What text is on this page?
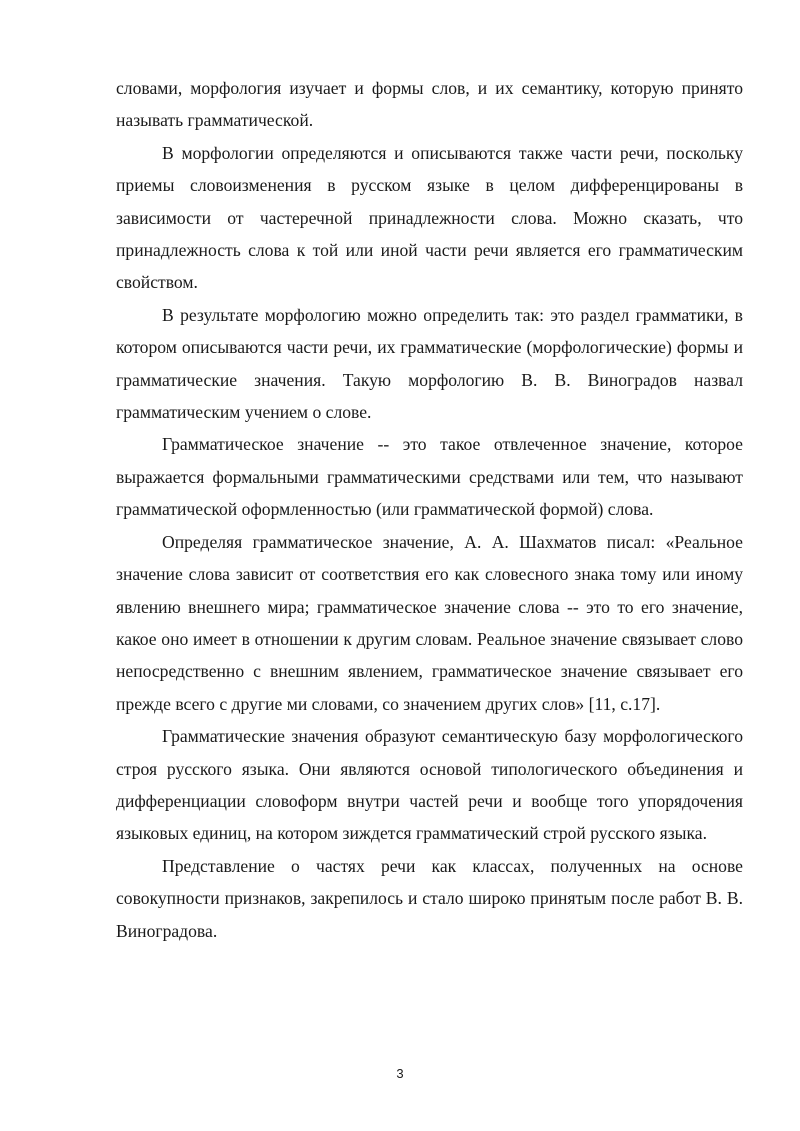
словами, морфология изучает и формы слов, и их семантику, которую принято называть грамматической.

В морфологии определяются и описываются также части речи, поскольку приемы словоизменения в русском языке в целом дифференцированы в зависимости от частеречной принадлежности слова. Можно сказать, что принадлежность слова к той или иной части речи является его грамматическим свойством.

В результате морфологию можно определить так: это раздел грамматики, в котором описываются части речи, их грамматические (морфологические) формы и грамматические значения. Такую морфологию В. В. Виноградов назвал грамматическим учением о слове.

Грамматическое значение -- это такое отвлеченное значение, которое выражается формальными грамматическими средствами или тем, что называют грамматической оформленностью (или грамматической формой) слова.

Определяя грамматическое значение, А. А. Шахматов писал: «Реальное значение слова зависит от соответствия его как словесного знака тому или иному явлению внешнего мира; грамматическое значение слова -- это то его значение, какое оно имеет в отношении к другим словам. Реальное значение связывает слово непосредственно с внешним явлением, грамматическое значение связывает его прежде всего с другие ми словами, со значением других слов» [11, с.17].

Грамматические значения образуют семантическую базу морфологического строя русского языка. Они являются основой типологического объединения и дифференциации словоформ внутри частей речи и вообще того упорядочения языковых единиц, на котором зиждется грамматический строй русского языка.

Представление о частях речи как классах, полученных на основе совокупности признаков, закрепилось и стало широко принятым после работ В. В. Виноградова.

3
